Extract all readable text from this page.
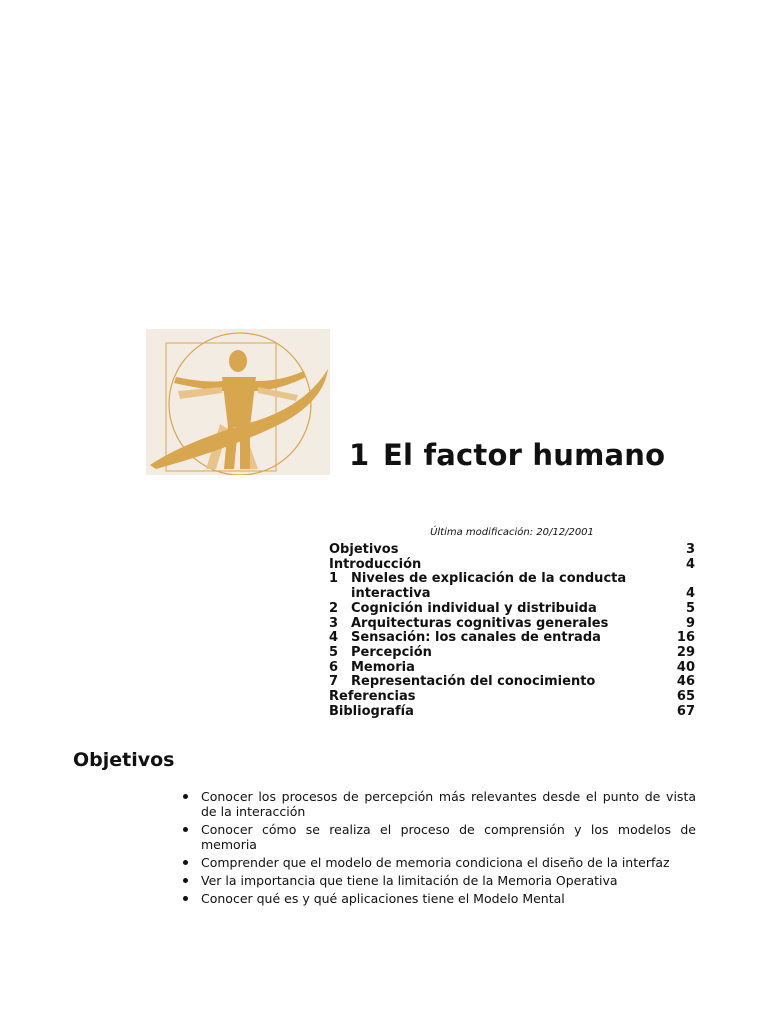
1 El factor humano
Última modificación: 20/12/2001
Objetivos	3
Introducción	4
1 Niveles de explicación de la conducta
interactiva	4
2 Cognición individual y distribuida	5
3 Arquitecturas cognitivas generales	9
4 Sensación: los canales de entrada	16
5 Percepción	29
6 Memoria	40
7 Representación del conocimiento	46
Referencias	65
Bibliografía	67
Objetivos
Conocer los procesos de percepción más relevantes desde el punto de vista de la interacción
Conocer cómo se realiza el proceso de comprensión y los modelos de memoria
Comprender que el modelo de memoria condiciona el diseño de la interfaz
Ver la importancia que tiene la limitación de la Memoria Operativa
Conocer qué es y qué aplicaciones tiene el Modelo Mental
